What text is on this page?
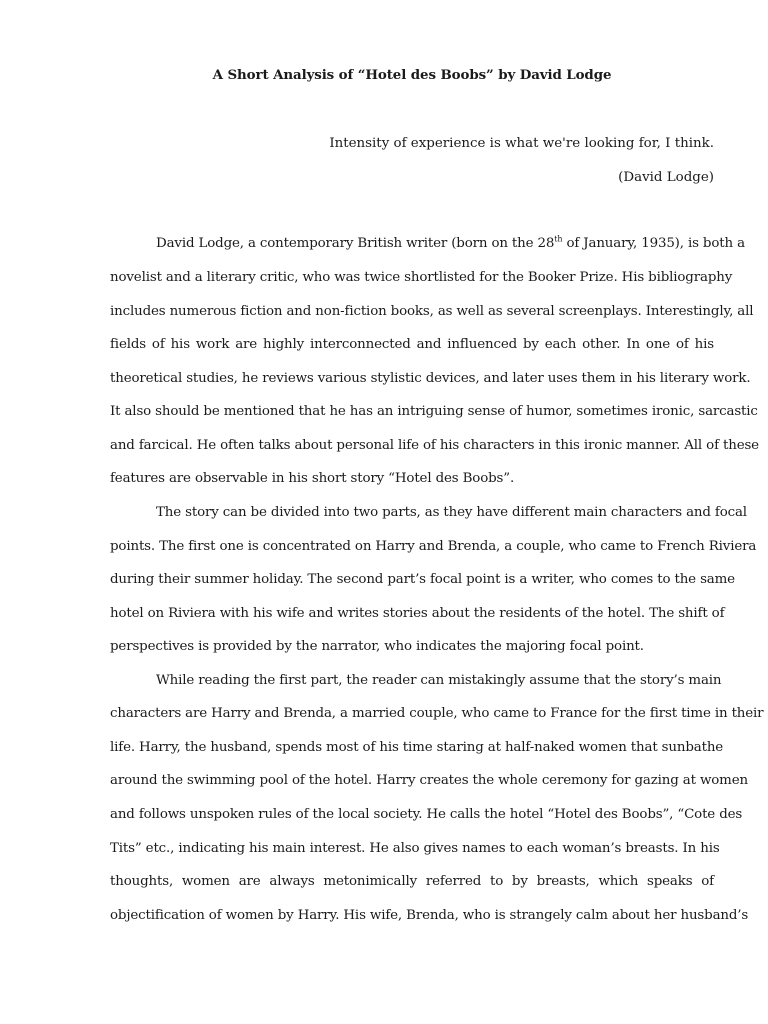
A Short Analysis of “Hotel des Boobs” by David Lodge
Intensity of experience is what we're looking for, I think.
(David Lodge)
David Lodge, a contemporary British writer (born on the 28th of January, 1935), is both a
novelist and a literary critic, who was twice shortlisted for the Booker Prize. His bibliography
includes numerous fiction and non-fiction books, as well as several screenplays. Interestingly, all
fields of his work are highly interconnected and influenced by each other. In one of his
theoretical studies, he reviews various stylistic devices, and later uses them in his literary work.
It also should be mentioned that he has an intriguing sense of humor, sometimes ironic, sarcastic
and farcical. He often talks about personal life of his characters in this ironic manner. All of these
features are observable in his short story “Hotel des Boobs”.
The story can be divided into two parts, as they have different main characters and focal
points. The first one is concentrated on Harry and Brenda, a couple, who came to French Riviera
during their summer holiday. The second part’s focal point is a writer, who comes to the same
hotel on Riviera with his wife and writes stories about the residents of the hotel. The shift of
perspectives is provided by the narrator, who indicates the majoring focal point.
While reading the first part, the reader can mistakingly assume that the story’s main
characters are Harry and Brenda, a married couple, who came to France for the first time in their
life. Harry, the husband, spends most of his time staring at half-naked women that sunbathe
around the swimming pool of the hotel. Harry creates the whole ceremony for gazing at women
and follows unspoken rules of the local society. He calls the hotel “Hotel des Boobs”, “Cote des
Tits” etc., indicating his main interest. He also gives names to each woman’s breasts. In his
thoughts, women are always metonimically referred to by breasts, which speaks of
objectification of women by Harry. His wife, Brenda, who is strangely calm about her husband’s
